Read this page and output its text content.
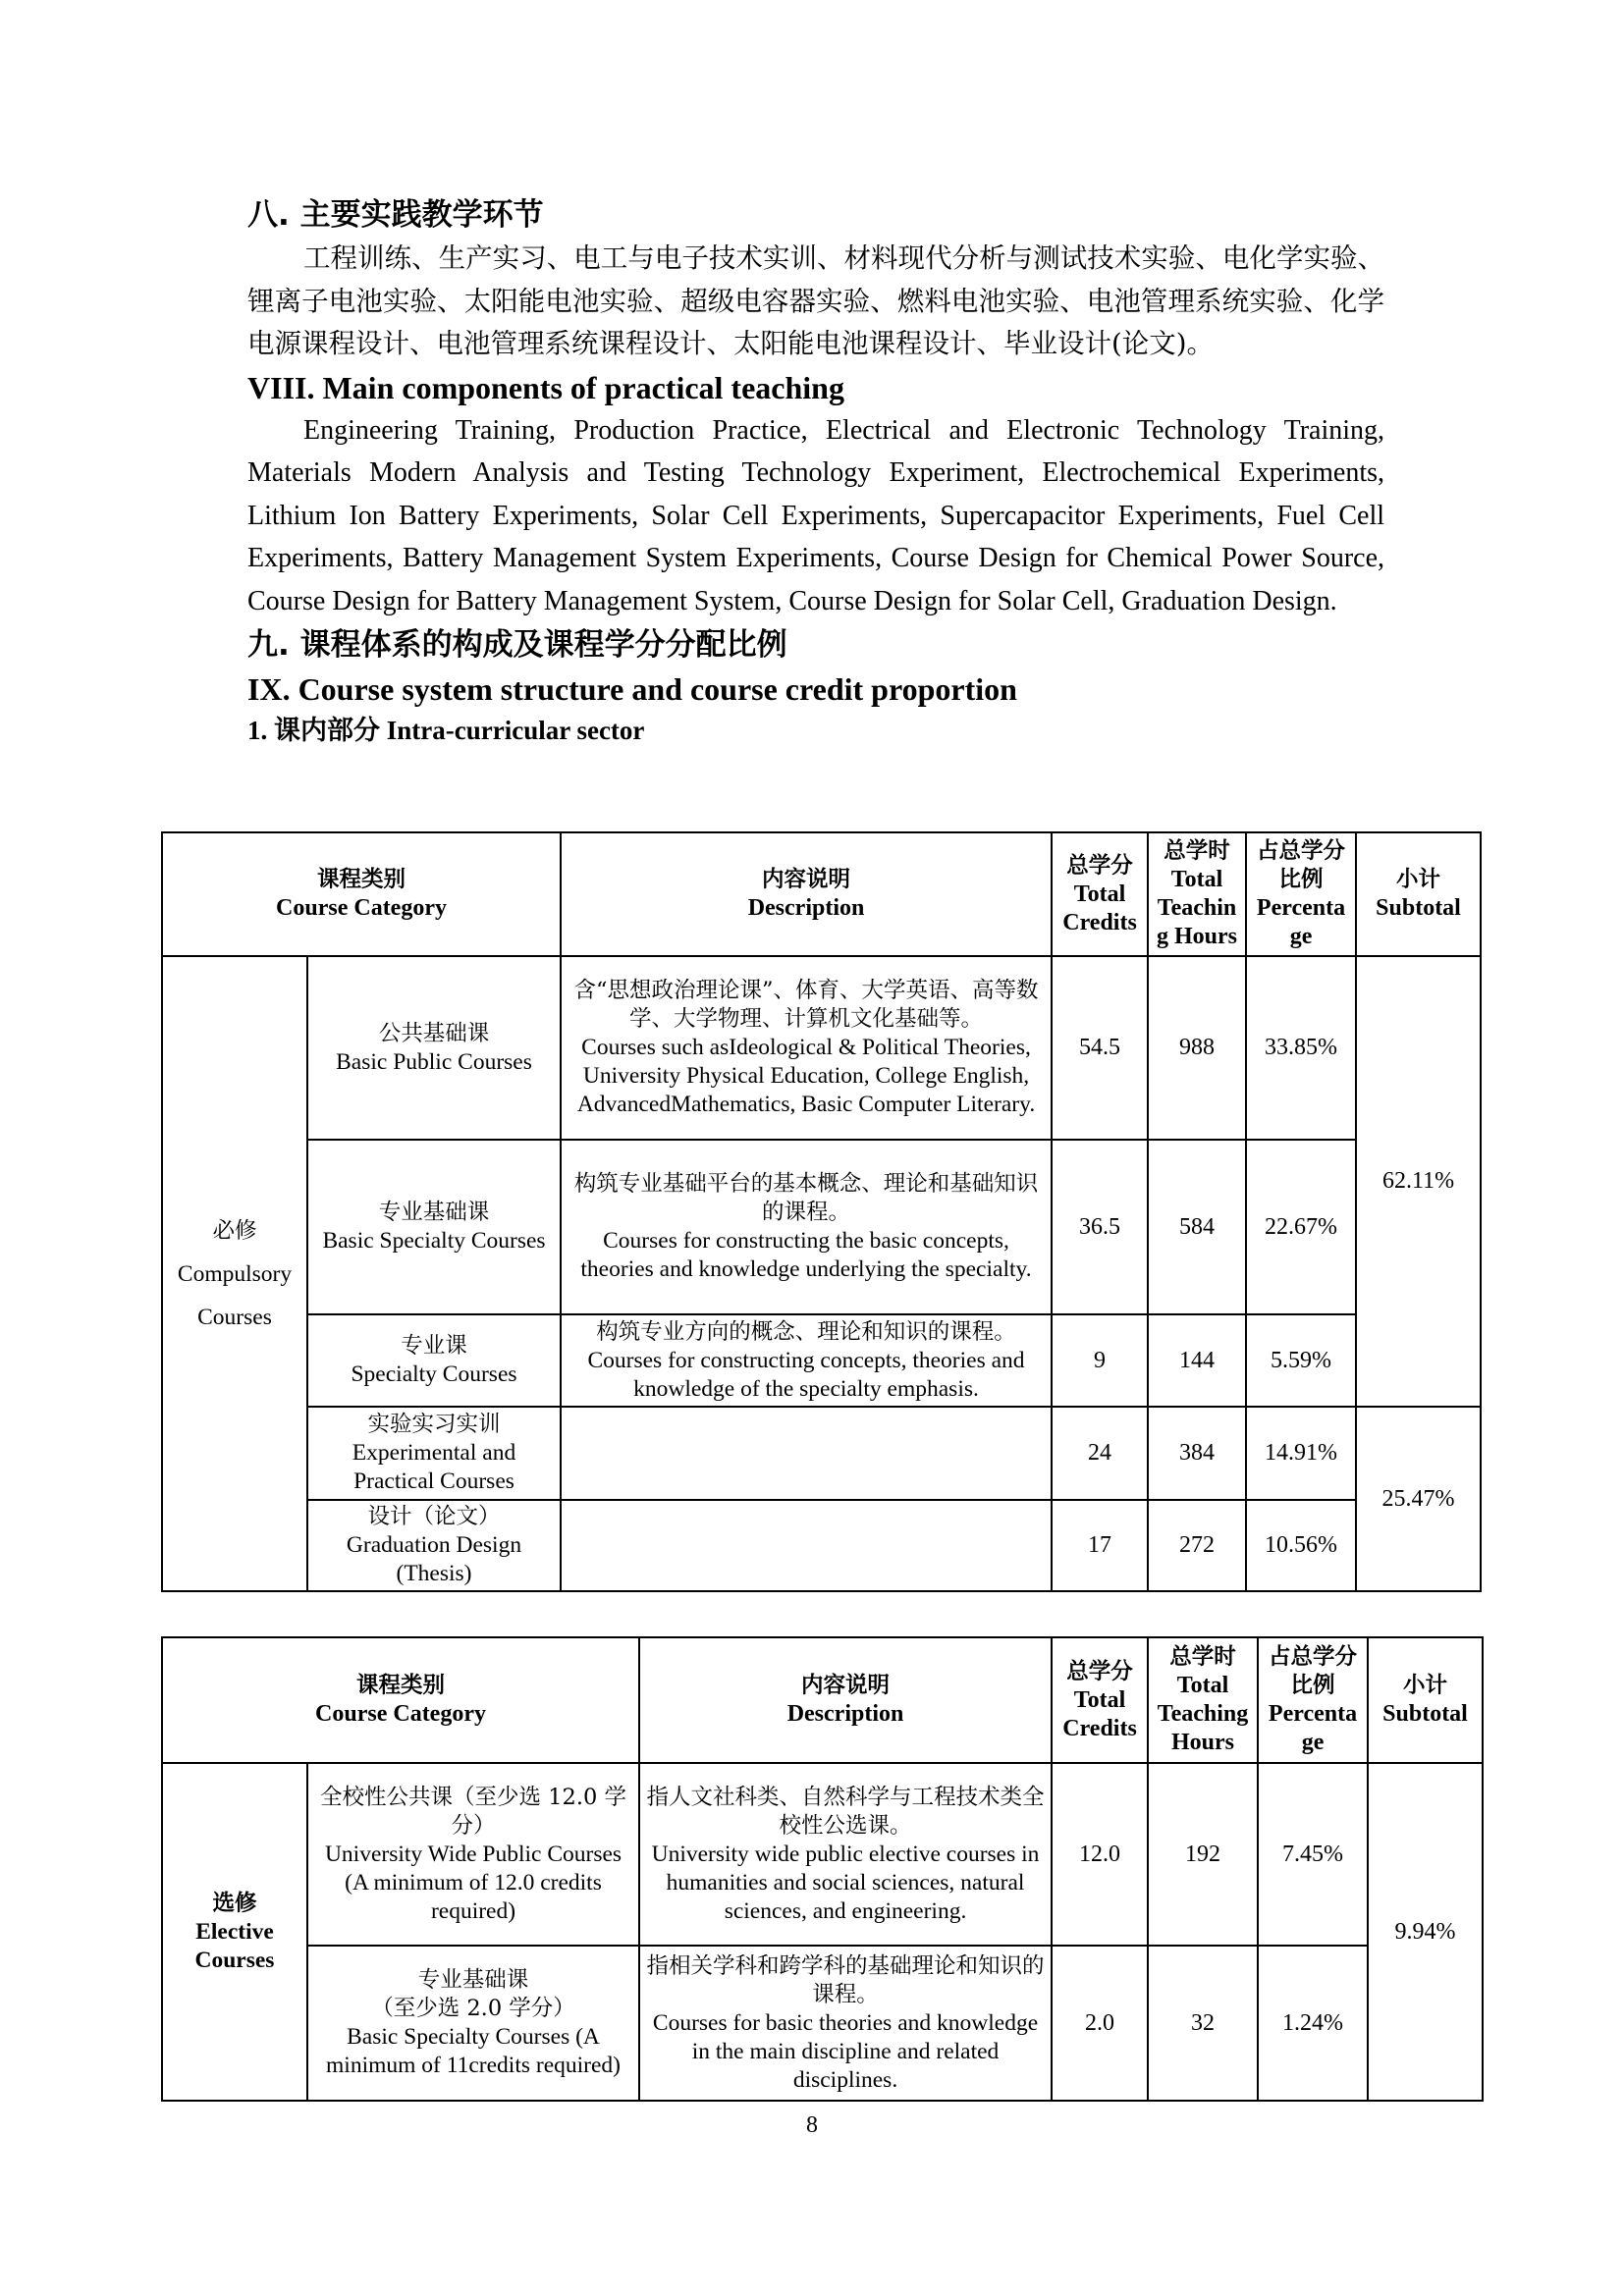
八. 主要实践教学环节

工程训练、生产实习、电工与电子技术实训、材料现代分析与测试技术实验、电化学实验、锂离子电池实验、太阳能电池实验、超级电容器实验、燃料电池实验、电池管理系统实验、化学电源课程设计、电池管理系统课程设计、太阳能电池课程设计、毕业设计(论文)。

VIII. Main components of practical teaching

Engineering Training, Production Practice, Electrical and Electronic Technology Training, Materials Modern Analysis and Testing Technology Experiment, Electrochemical Experiments, Lithium Ion Battery Experiments, Solar Cell Experiments, Supercapacitor Experiments, Fuel Cell Experiments, Battery Management System Experiments, Course Design for Chemical Power Source, Course Design for Battery Management System, Course Design for Solar Cell, Graduation Design.

九. 课程体系的构成及课程学分分配比例

IX. Course system structure and course credit proportion

1. 课内部分 Intra-curricular sector

课程类别
Course Category		内容说明
Description	总学分
Total Credits	总学时
Total Teachin g Hours	占总学分比例
Percenta ge	小计
Subtotal

必修
Compulsory Courses	公共基础课
Basic Public Courses	含“思想政治理论课”、体育、大学英语、高等数学、大学物理、计算机文化基础等。
Courses such asIdeological & Political Theories, University Physical Education, College English, AdvancedMathematics, Basic Computer Literary.	54.5	988	33.85%	62.11%

	专业基础课
Basic Specialty Courses	构筑专业基础平台的基本概念、理论和基础知识的课程。
Courses for constructing the basic concepts, theories and knowledge underlying the specialty.	36.5	584	22.67%	

	专业课
Specialty Courses	构筑专业方向的概念、理论和知识的课程。
Courses for constructing concepts, theories and knowledge of the specialty emphasis.	9	144	5.59%	

	实验实习实训
Experimental and Practical Courses		24	384	14.91%	25.47%

	设计（论文）
Graduation Design (Thesis)		17	272	10.56%	
课程类别
Course Category		内容说明
Description	总学分
Total Credits	总学时
Total Teaching Hours	占总学分比例
Percenta ge	小计
Subtotal

选修
Elective Courses	全校性公共课（至少选 12.0 学分）
University Wide Public Courses (A minimum of 12.0 credits required)	指人文社科类、自然科学与工程技术类全校性公选课。
University wide public elective courses in humanities and social sciences, natural sciences, and engineering.	12.0	192	7.45%	9.94%

	专业基础课
（至少选 2.0 学分）
Basic Specialty Courses (A minimum of 11credits required)	指相关学科和跨学科的基础理论和知识的课程。
Courses for basic theories and knowledge in the main discipline and related disciplines.	2.0	32	1.24%	
8
